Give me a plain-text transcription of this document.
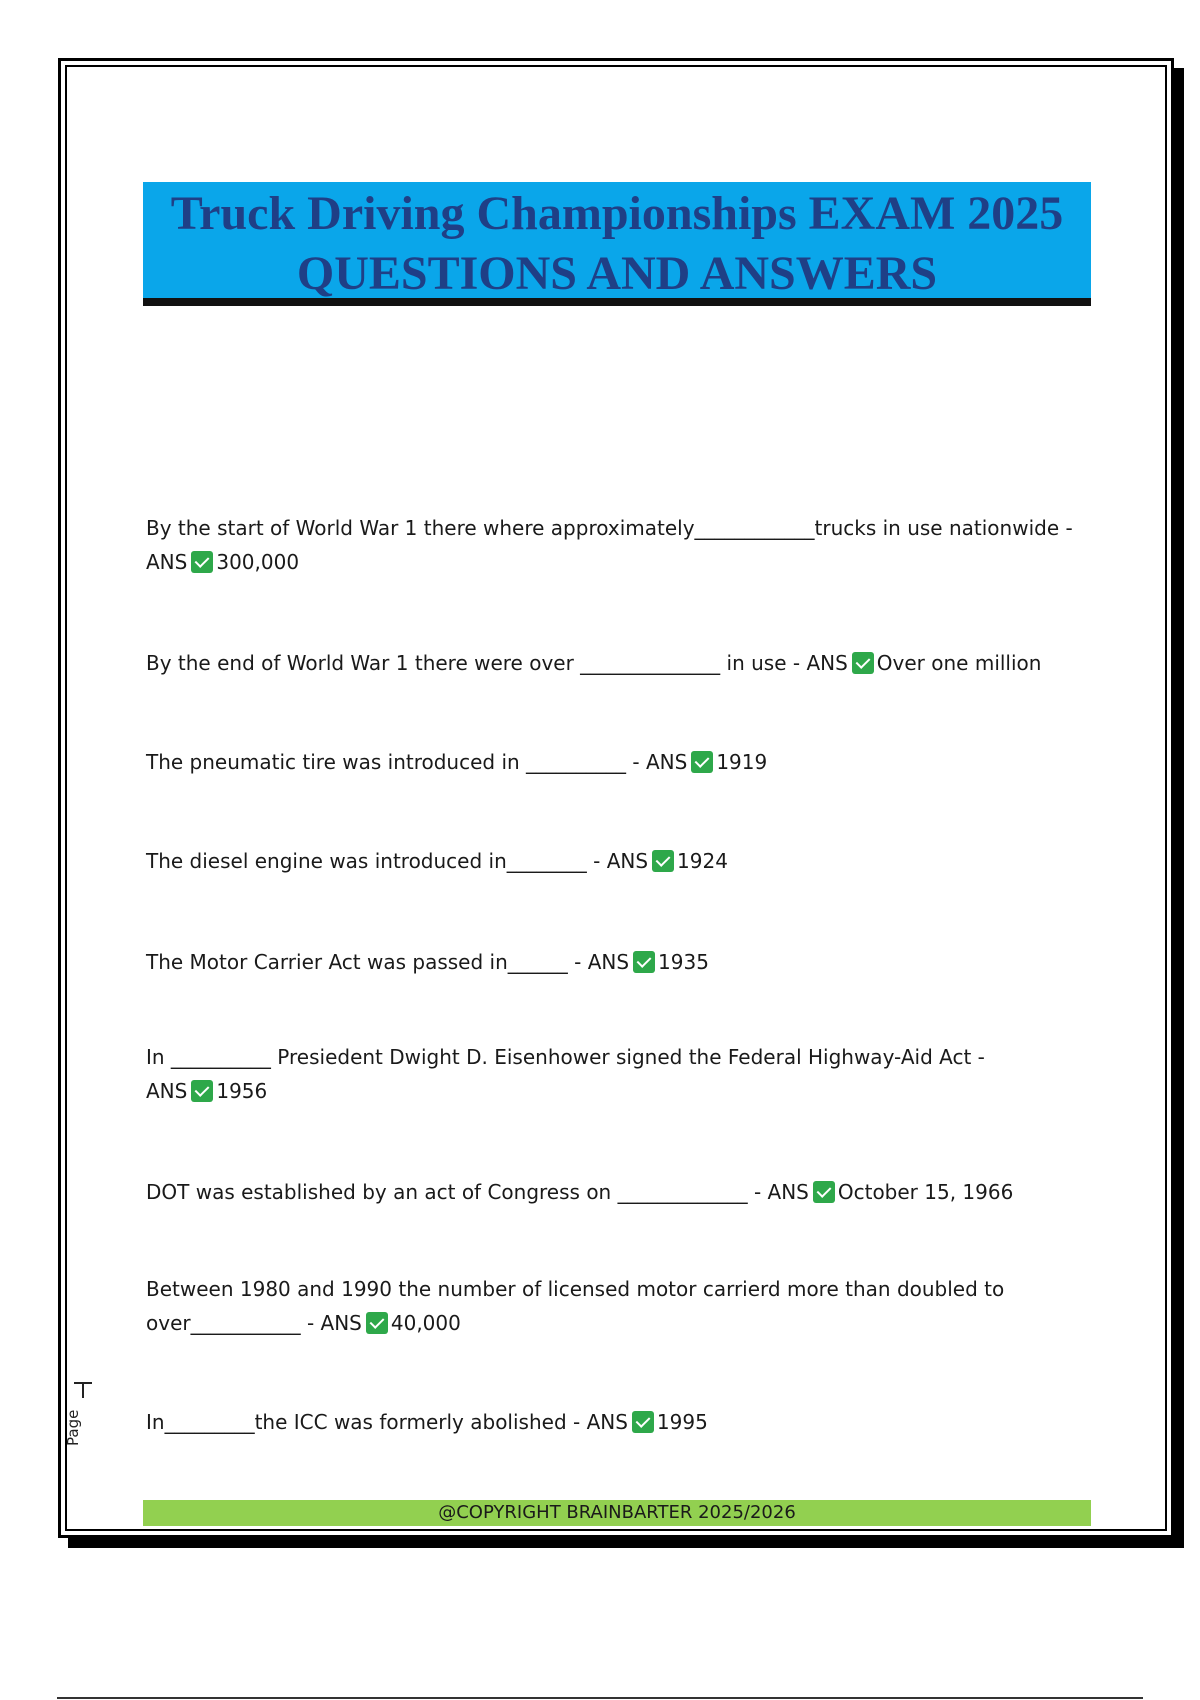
Truck Driving Championships EXAM 2025
QUESTIONS AND ANSWERS
By the start of World War 1 there where approximately____________trucks in use nationwide -
ANS 300,000
By the end of World War 1 there were over ______________ in use - ANS Over one million
The pneumatic tire was introduced in __________ - ANS 1919
The diesel engine was introduced in________ - ANS 1924
The Motor Carrier Act was passed in______ - ANS 1935
In __________ Presiedent Dwight D. Eisenhower signed the Federal Highway-Aid Act -
ANS 1956
DOT was established by an act of Congress on _____________ - ANS October 15, 1966
Between 1980 and 1990 the number of licensed motor carrierd more than doubled to
over___________ - ANS 40,000
In_________the ICC was formerly abolished - ANS 1995
Page
@COPYRIGHT BRAINBARTER 2025/2026
